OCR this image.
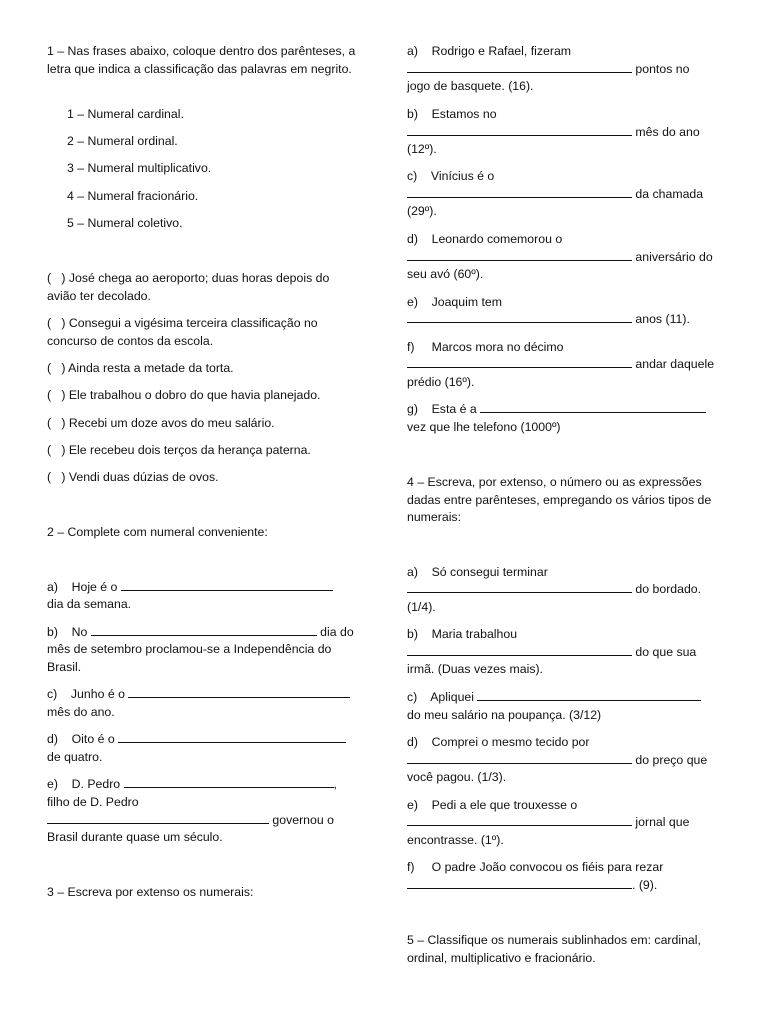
1 – Nas frases abaixo, coloque dentro dos parênteses, a letra que indica a classificação das palavras em negrito.
1 – Numeral cardinal.
2 – Numeral ordinal.
3 – Numeral multiplicativo.
4 – Numeral fracionário.
5 – Numeral coletivo.
(   ) José chega ao aeroporto; duas horas depois do avião ter decolado.
(   ) Consegui a vigésima terceira classificação no concurso de contos da escola.
(   ) Ainda resta a metade da torta.
(   ) Ele trabalhou o dobro do que havia planejado.
(   ) Recebi um doze avos do meu salário.
(   ) Ele recebeu dois terços da herança paterna.
(   ) Vendi duas dúzias de ovos.
2 – Complete com numeral conveniente:
a)    Hoje é o
dia da semana.
b)    No	dia do
mês de setembro proclamou-se a Independência do
Brasil.
c)    Junho é o
mês do ano.
d)    Oito é o
de quatro.
e)    D. Pedro	,
filho de D. Pedro
governou o
Brasil durante quase um século.
3 – Escreva por extenso os numerais:
a)    Rodrigo e Rafael, fizeram
pontos no
jogo de basquete. (16).
b)    Estamos no
mês do ano
(12º).
c)    Vinícius é o
da chamada
(29º).
d)    Leonardo comemorou o
aniversário do
seu avó (60º).
e)    Joaquim tem
anos (11).
f)     Marcos mora no décimo
andar daquele
prédio (16º).
g)    Esta é a
vez que lhe telefono (1000º)
4 – Escreva, por extenso, o número ou as expressões dadas entre parênteses, empregando os vários tipos de numerais:
a)    Só consegui terminar
do bordado.
(1/4).
b)    Maria trabalhou
do que sua
irmã. (Duas vezes mais).
c)    Apliquei
do meu salário na poupança. (3/12)
d)    Comprei o mesmo tecido por
do preço que
você pagou. (1/3).
e)    Pedi a ele que trouxesse o
jornal que
encontrasse. (1º).
f)     O padre João convocou os fiéis para rezar
. (9).
5 – Classifique os numerais sublinhados em: cardinal, ordinal, multiplicativo e fracionário.
